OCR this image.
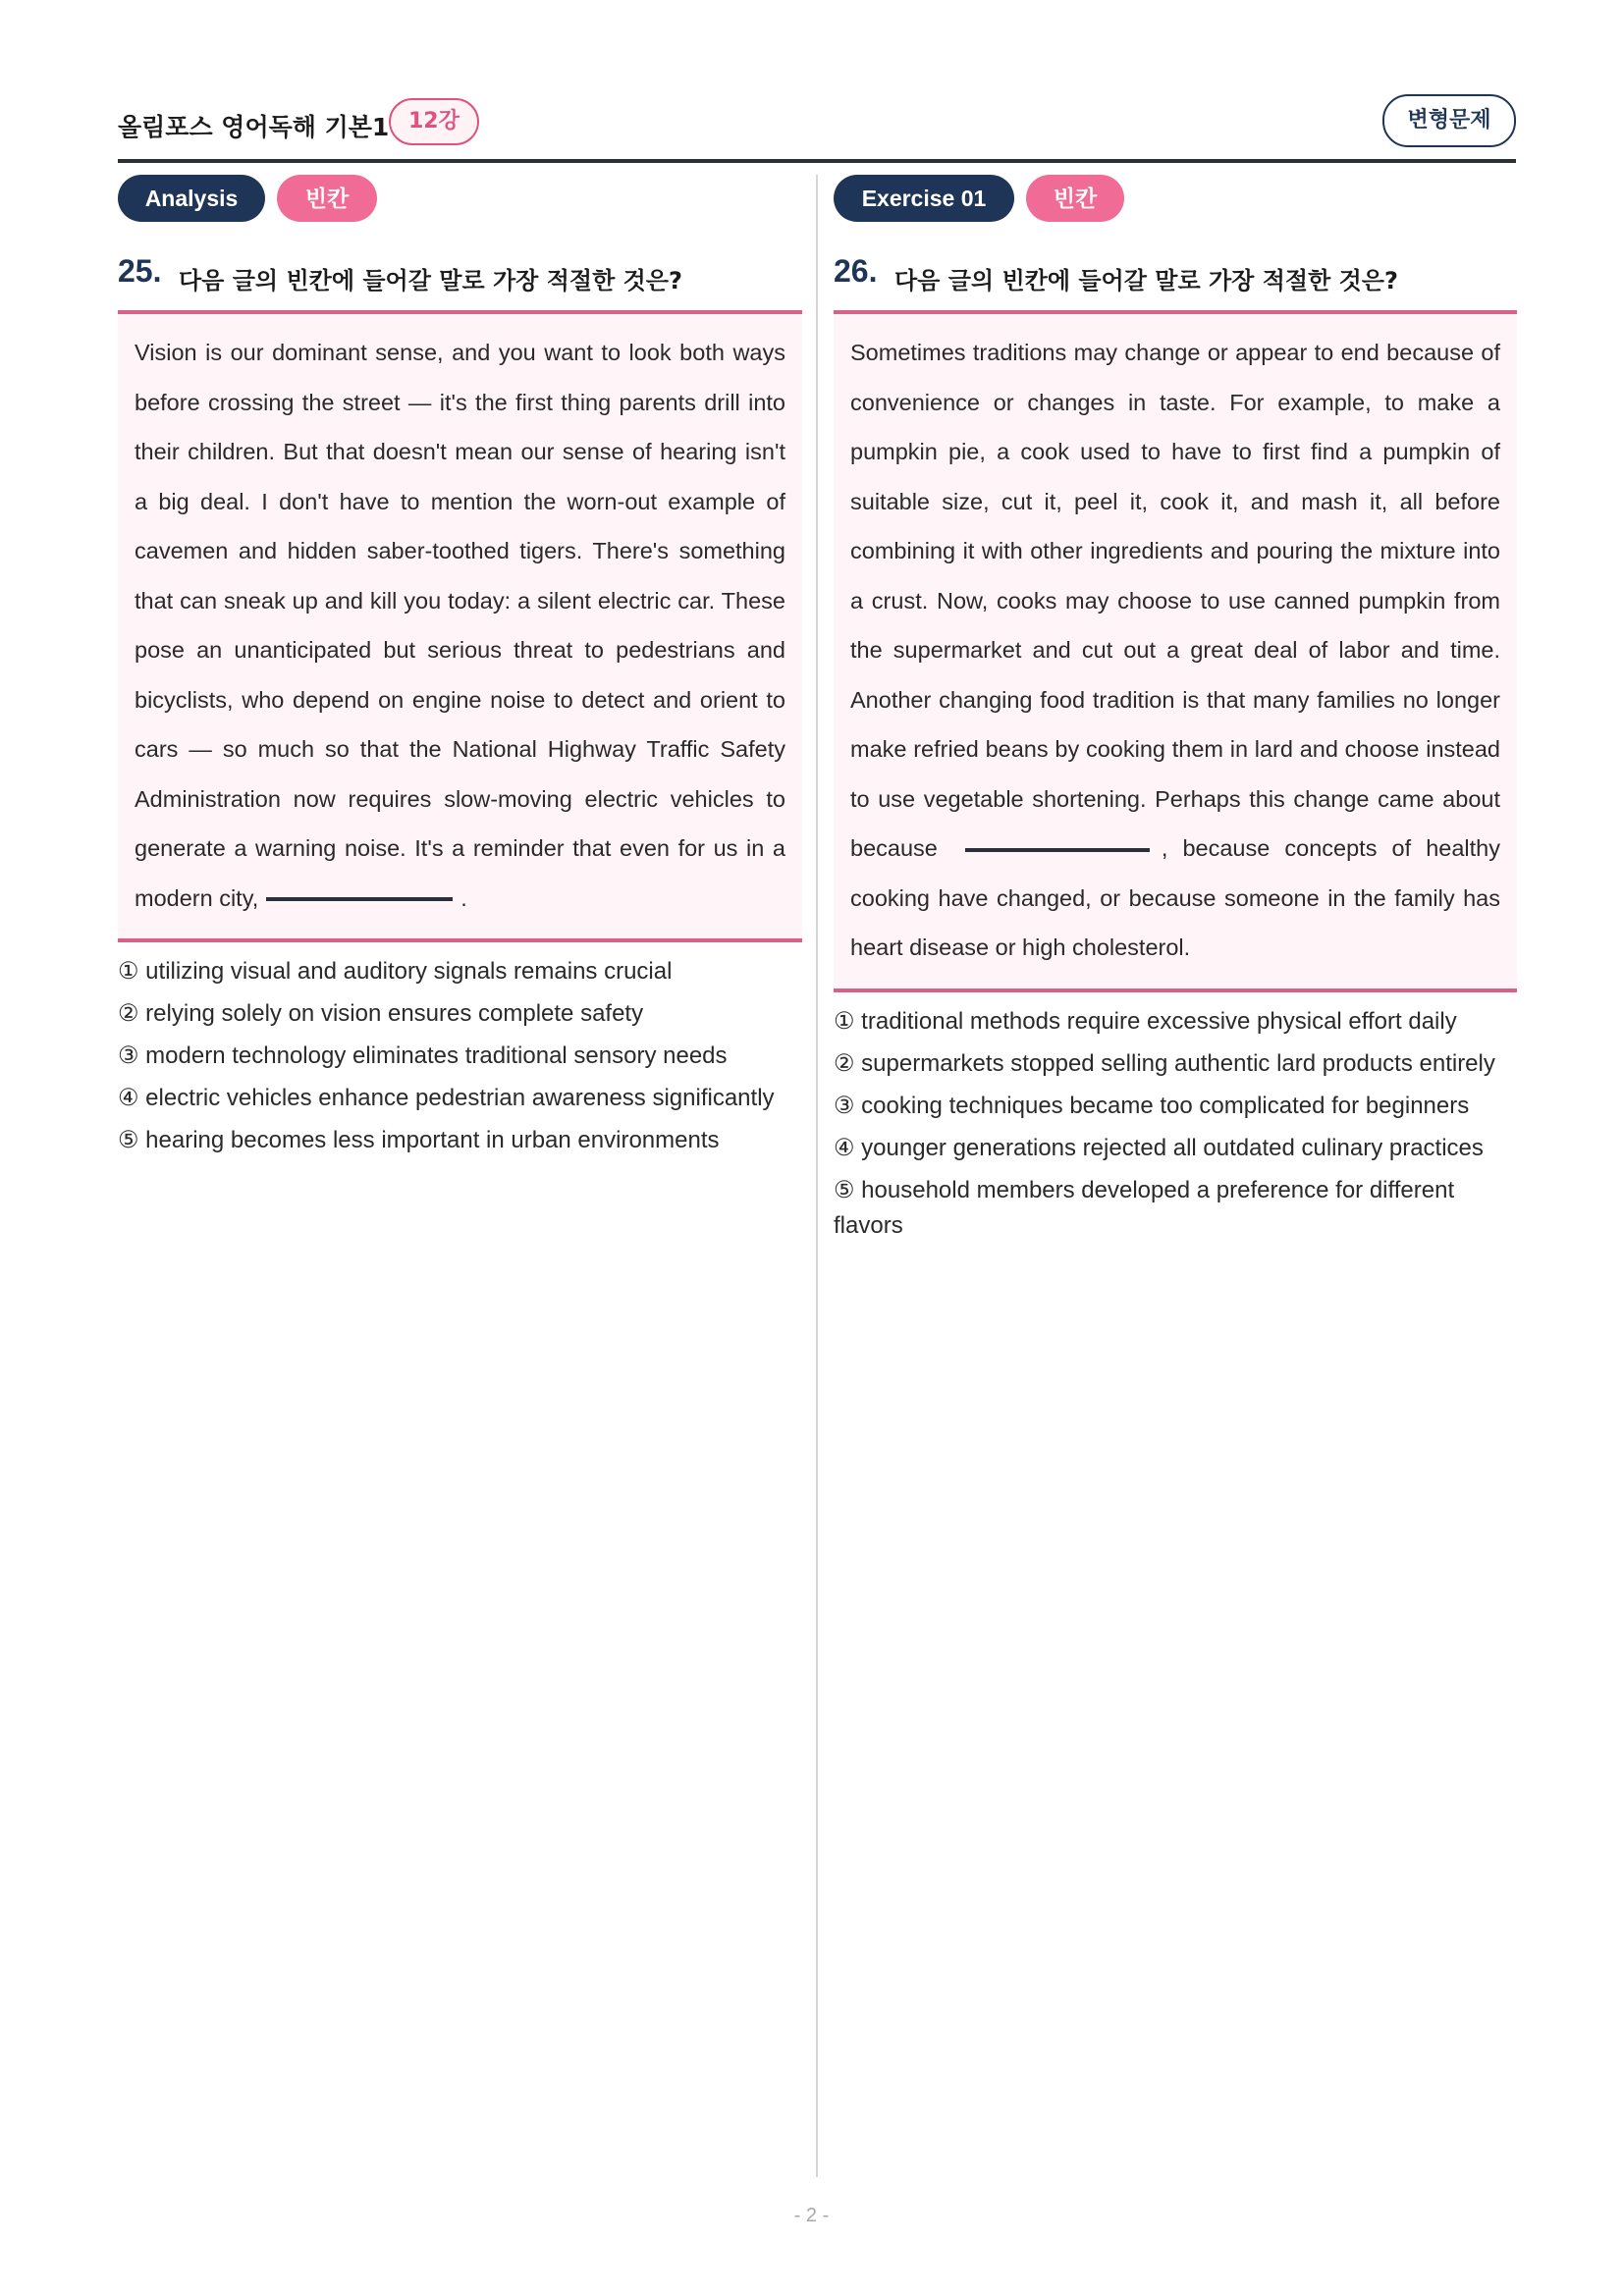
올림포스 영어독해 기본1 12강	변형문제
Analysis	빈칸
25. 다음 글의 빈칸에 들어갈 말로 가장 적절한 것은?
Vision is our dominant sense, and you want to look both ways before crossing the street — it's the first thing parents drill into their children. But that doesn't mean our sense of hearing isn't a big deal. I don't have to mention the worn-out example of cavemen and hidden saber-toothed tigers. There's something that can sneak up and kill you today: a silent electric car. These pose an unanticipated but serious threat to pedestrians and bicyclists, who depend on engine noise to detect and orient to cars — so much so that the National Highway Traffic Safety Administration now requires slow-moving electric vehicles to generate a warning noise. It's a reminder that even for us in a modern city,	.
① utilizing visual and auditory signals remains crucial
② relying solely on vision ensures complete safety
③ modern technology eliminates traditional sensory needs
④ electric vehicles enhance pedestrian awareness significantly
⑤ hearing becomes less important in urban environments
Exercise 01	빈칸
26. 다음 글의 빈칸에 들어갈 말로 가장 적절한 것은?
Sometimes traditions may change or appear to end because of convenience or changes in taste. For example, to make a pumpkin pie, a cook used to have to first find a pumpkin of suitable size, cut it, peel it, cook it, and mash it, all before combining it with other ingredients and pouring the mixture into a crust. Now, cooks may choose to use canned pumpkin from the supermarket and cut out a great deal of labor and time. Another changing food tradition is that many families no longer make refried beans by cooking them in lard and choose instead to use vegetable shortening. Perhaps this change came about because	, because concepts of healthy cooking have changed, or because someone in the family has heart disease or high cholesterol.
① traditional methods require excessive physical effort daily
② supermarkets stopped selling authentic lard products entirely
③ cooking techniques became too complicated for beginners
④ younger generations rejected all outdated culinary practices
⑤ household members developed a preference for different flavors
- 2 -
